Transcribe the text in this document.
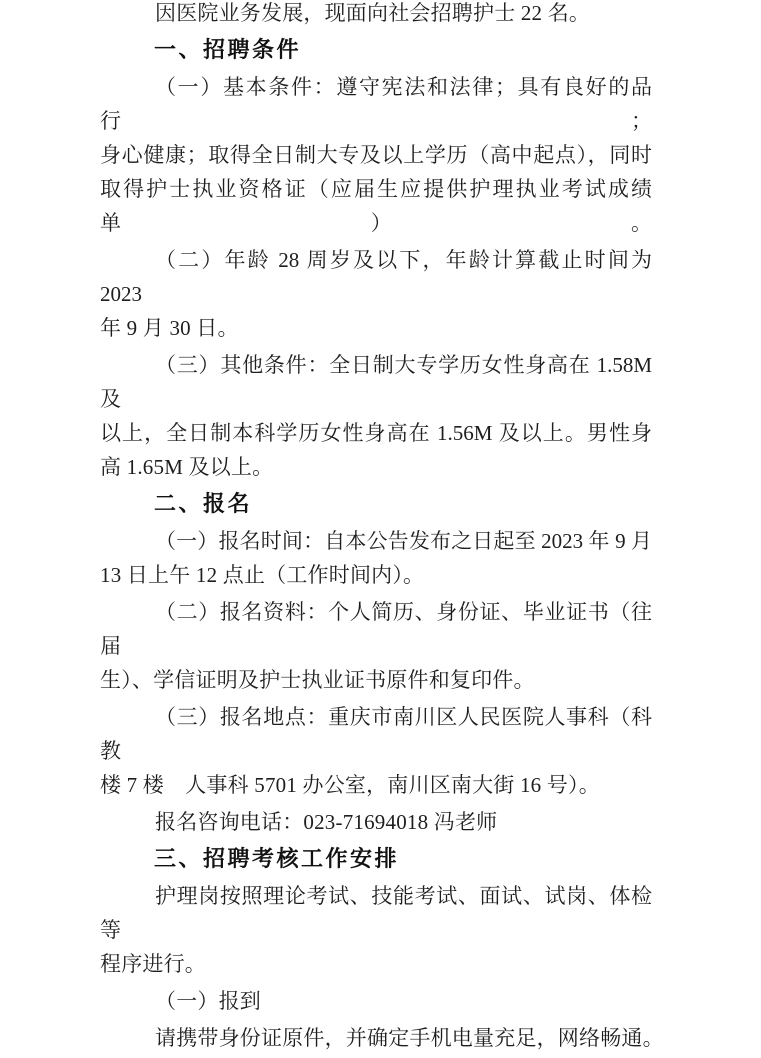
因医院业务发展，现面向社会招聘护士 22 名。
一、招聘条件
（一）基本条件：遵守宪法和法律；具有良好的品行；
身心健康；取得全日制大专及以上学历（高中起点），同时
取得护士执业资格证（应届生应提供护理执业考试成绩单）。
（二）年龄 28 周岁及以下，年龄计算截止时间为 2023
年 9 月 30 日。
（三）其他条件：全日制大专学历女性身高在 1.58M 及
以上，全日制本科学历女性身高在 1.56M 及以上。男性身
高 1.65M 及以上。
二、报名
（一）报名时间：自本公告发布之日起至 2023 年 9 月
13 日上午 12 点止（工作时间内）。
（二）报名资料：个人简历、身份证、毕业证书（往届
生）、学信证明及护士执业证书原件和复印件。
（三）报名地点：重庆市南川区人民医院人事科（科教
楼 7 楼　人事科 5701 办公室，南川区南大街 16 号）。
报名咨询电话：023-71694018 冯老师
三、招聘考核工作安排
护理岗按照理论考试、技能考试、面试、试岗、体检等
程序进行。
（一）报到
请携带身份证原件，并确定手机电量充足，网络畅通。
